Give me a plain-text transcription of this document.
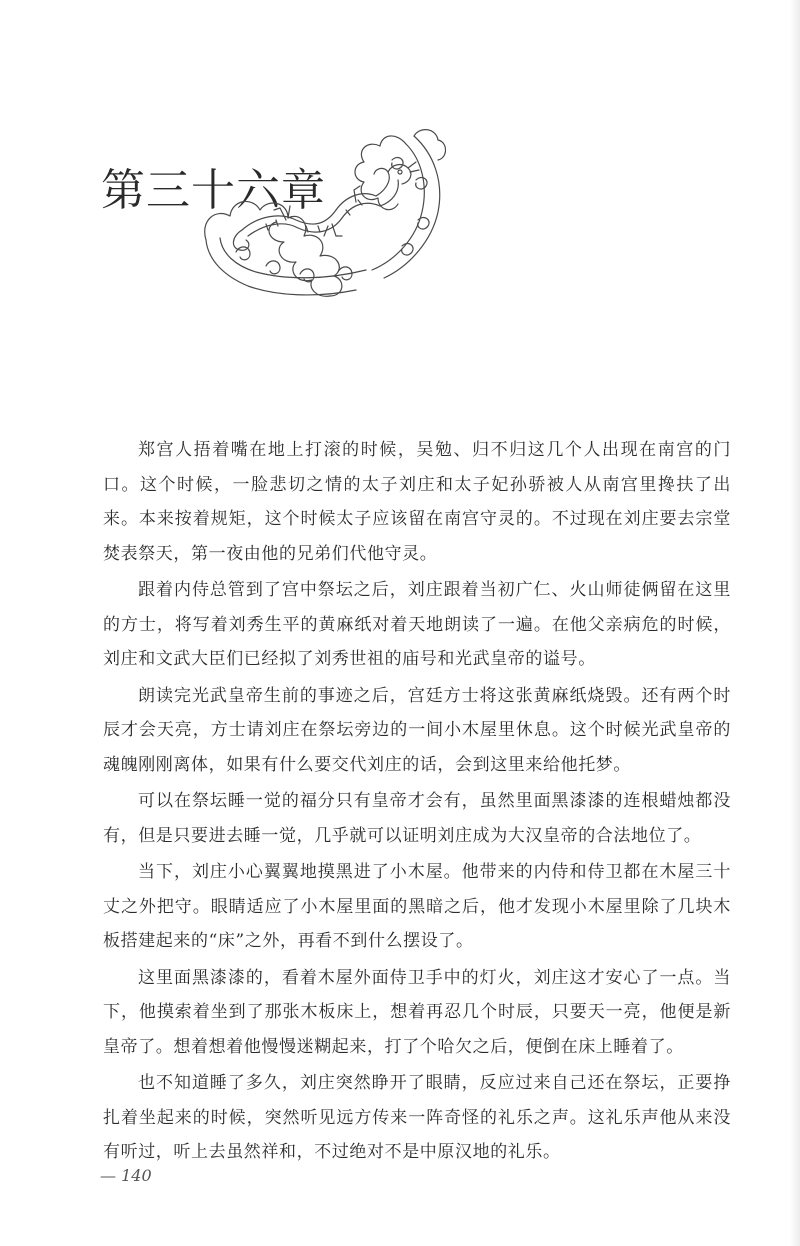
第三十六章

郑宫人捂着嘴在地上打滚的时候，吴勉、归不归这几个人出现在南宫的门口。这个时候，一脸悲切之情的太子刘庄和太子妃孙骄被人从南宫里搀扶了出来。本来按着规矩，这个时候太子应该留在南宫守灵的。不过现在刘庄要去宗堂焚表祭天，第一夜由他的兄弟们代他守灵。

跟着内侍总管到了宫中祭坛之后，刘庄跟着当初广仁、火山师徒俩留在这里的方士，将写着刘秀生平的黄麻纸对着天地朗读了一遍。在他父亲病危的时候，刘庄和文武大臣们已经拟了刘秀世祖的庙号和光武皇帝的谥号。

朗读完光武皇帝生前的事迹之后，宫廷方士将这张黄麻纸烧毁。还有两个时辰才会天亮，方士请刘庄在祭坛旁边的一间小木屋里休息。这个时候光武皇帝的魂魄刚刚离体，如果有什么要交代刘庄的话，会到这里来给他托梦。

可以在祭坛睡一觉的福分只有皇帝才会有，虽然里面黑漆漆的连根蜡烛都没有，但是只要进去睡一觉，几乎就可以证明刘庄成为大汉皇帝的合法地位了。

当下，刘庄小心翼翼地摸黑进了小木屋。他带来的内侍和侍卫都在木屋三十丈之外把守。眼睛适应了小木屋里面的黑暗之后，他才发现小木屋里除了几块木板搭建起来的“床”之外，再看不到什么摆设了。

这里面黑漆漆的，看着木屋外面侍卫手中的灯火，刘庄这才安心了一点。当下，他摸索着坐到了那张木板床上，想着再忍几个时辰，只要天一亮，他便是新皇帝了。想着想着他慢慢迷糊起来，打了个哈欠之后，便倒在床上睡着了。

也不知道睡了多久，刘庄突然睁开了眼睛，反应过来自己还在祭坛，正要挣扎着坐起来的时候，突然听见远方传来一阵奇怪的礼乐之声。这礼乐声他从来没有听过，听上去虽然祥和，不过绝对不是中原汉地的礼乐。

— 140
